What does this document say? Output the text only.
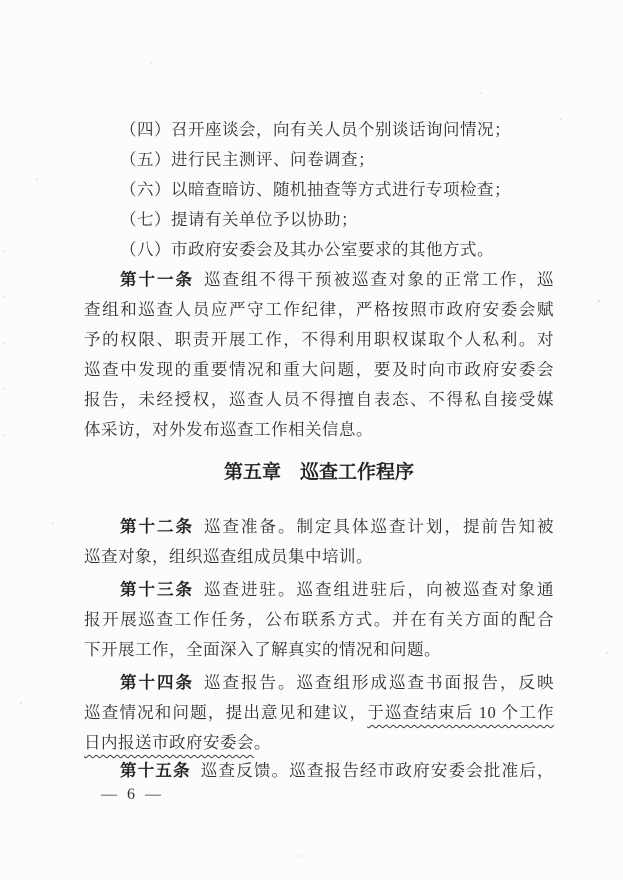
（四）召开座谈会，向有关人员个别谈话询问情况；
（五）进行民主测评、问卷调查；
（六）以暗查暗访、随机抽查等方式进行专项检查；
（七）提请有关单位予以协助；
（八）市政府安委会及其办公室要求的其他方式。
第十一条 巡查组不得干预被巡查对象的正常工作，巡
查组和巡查人员应严守工作纪律，严格按照市政府安委会赋
予的权限、职责开展工作，不得利用职权谋取个人私利。对
巡查中发现的重要情况和重大问题，要及时向市政府安委会
报告，未经授权，巡查人员不得擅自表态、不得私自接受媒
体采访，对外发布巡查工作相关信息。
第五章 巡查工作程序
第十二条 巡查准备。制定具体巡查计划，提前告知被
巡查对象，组织巡查组成员集中培训。
第十三条 巡查进驻。巡查组进驻后，向被巡查对象通
报开展巡查工作任务，公布联系方式。并在有关方面的配合
下开展工作，全面深入了解真实的情况和问题。
第十四条 巡查报告。巡查组形成巡查书面报告，反映
巡查情况和问题，提出意见和建议，于巡查结束后 10 个工作
日内报送市政府安委会。
第十五条 巡查反馈。巡查报告经市政府安委会批准后，
— 6 —
